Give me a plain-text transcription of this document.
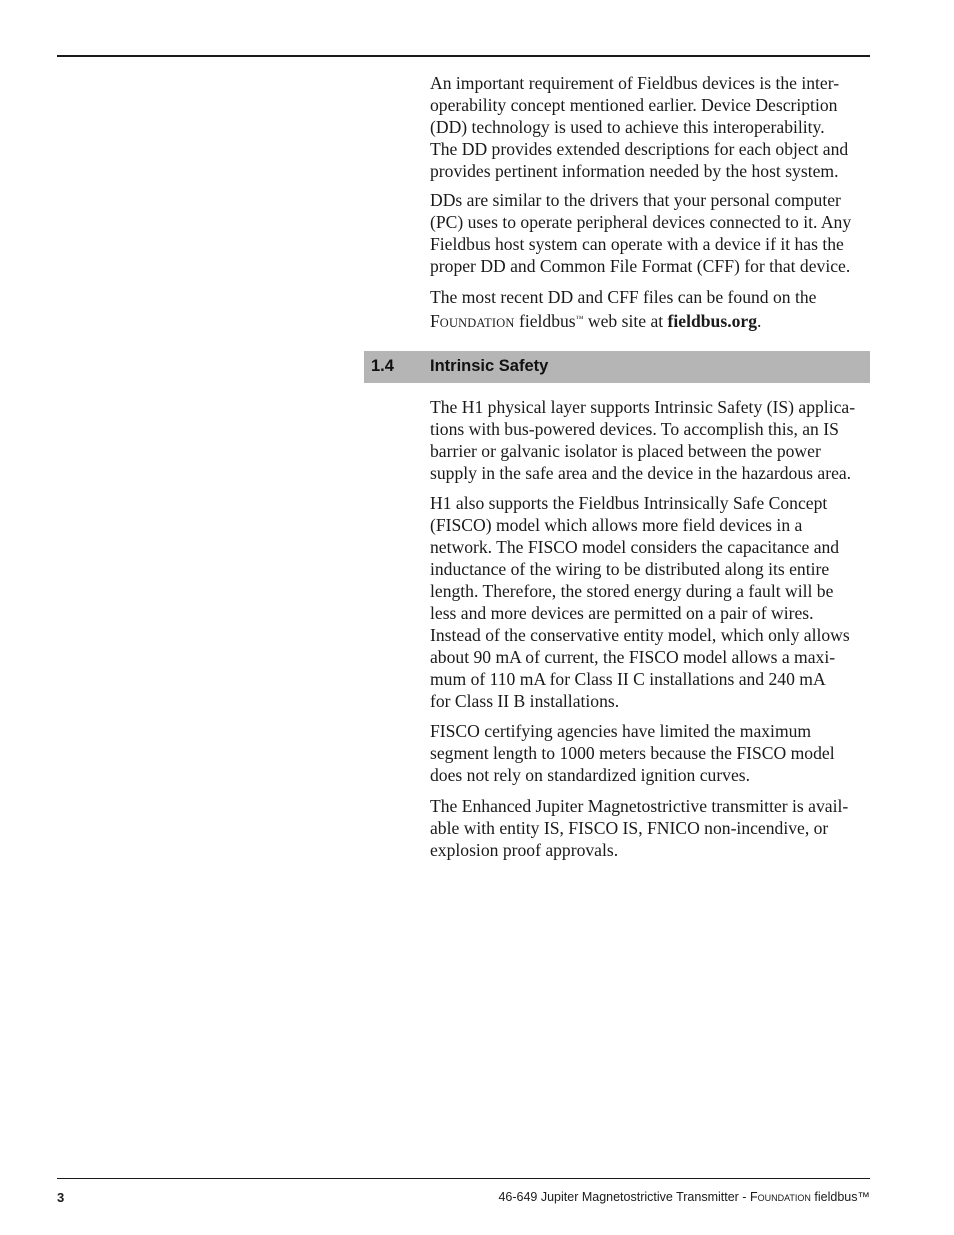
An important requirement of Fieldbus devices is the inter-
operability concept mentioned earlier. Device Description
(DD) technology is used to achieve this interoperability.
The DD provides extended descriptions for each object and
provides pertinent information needed by the host system.

DDs are similar to the drivers that your personal computer
(PC) uses to operate peripheral devices connected to it. Any
Fieldbus host system can operate with a device if it has the
proper DD and Common File Format (CFF) for that device.

The most recent DD and CFF files can be found on the
FOUNDATION fieldbus™ web site at fieldbus.org.

1.4 Intrinsic Safety

The H1 physical layer supports Intrinsic Safety (IS) applica-
tions with bus-powered devices. To accomplish this, an IS
barrier or galvanic isolator is placed between the power
supply in the safe area and the device in the hazardous area.

H1 also supports the Fieldbus Intrinsically Safe Concept
(FISCO) model which allows more field devices in a
network. The FISCO model considers the capacitance and
inductance of the wiring to be distributed along its entire
length. Therefore, the stored energy during a fault will be
less and more devices are permitted on a pair of wires.
Instead of the conservative entity model, which only allows
about 90 mA of current, the FISCO model allows a maxi-
mum of 110 mA for Class II C installations and 240 mA
for Class II B installations.

FISCO certifying agencies have limited the maximum
segment length to 1000 meters because the FISCO model
does not rely on standardized ignition curves.

The Enhanced Jupiter Magnetostrictive transmitter is avail-
able with entity IS, FISCO IS, FNICO non-incendive, or
explosion proof approvals.

3	46-649 Jupiter Magnetostrictive Transmitter - FOUNDATION fieldbus™
